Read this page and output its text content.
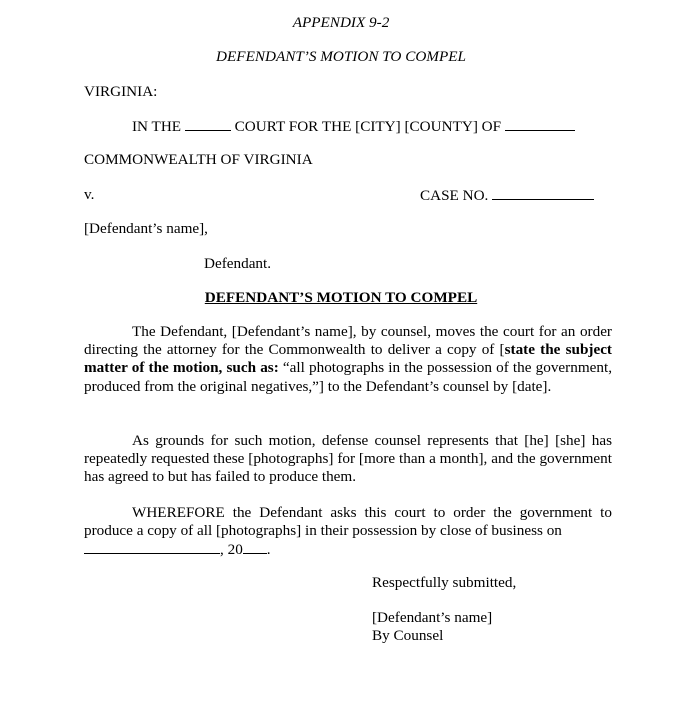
APPENDIX 9-2
DEFENDANT’S MOTION TO COMPEL
VIRGINIA:
IN THE	COURT FOR THE [CITY] [COUNTY] OF
COMMONWEALTH OF VIRGINIA
v.	CASE NO.
[Defendant’s name],
Defendant.
DEFENDANT’S MOTION TO COMPEL
The Defendant, [Defendant’s name], by counsel, moves the court for an order directing the attorney for the Commonwealth to deliver a copy of [state the subject matter of the motion, such as: “all photographs in the possession of the government, produced from the original negatives,”] to the Defendant’s counsel by [date].
As grounds for such motion, defense counsel represents that [he] [she] has repeatedly requested these [photographs] for [more than a month], and the government has agreed to but has failed to produce them.
WHEREFORE the Defendant asks this court to order the government to produce a copy of all [photographs] in their possession by close of business on
, 20 .
Respectfully submitted,
[Defendant’s name]
By Counsel
